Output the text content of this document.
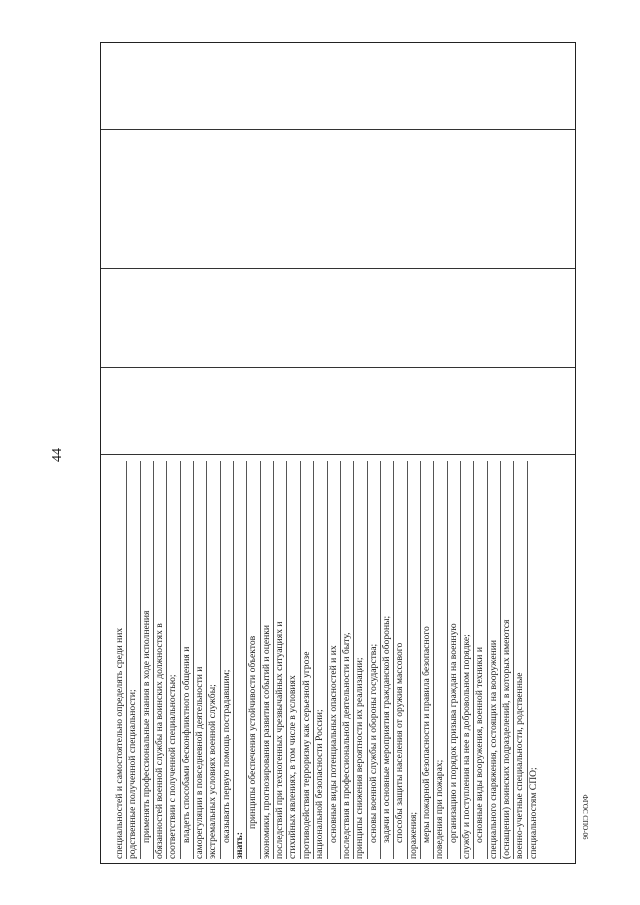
44
специальностей и самостоятельно определять среди них родственные полученной специальности; применять профессиональные знания в ходе исполнения обязанностей военной службы на воинских должностях в соответствии с полученной специальностью; владеть способами бесконфликтного общения и саморегуляции в повседневной деятельности и экстремальных условиях военной службы; оказывать первую помощь пострадавшим;
знать:
принципы обеспечения устойчивости объектов экономики, прогнозирования развития событий и оценки последствий при техногенных чрезвычайных ситуациях и стихийных явлениях, в том числе в условиях противодействия терроризму как серьезной угрозе национальной безопасности России; основные виды потенциальных опасностей и их последствия в профессиональной деятельности и быту, принципы снижения вероятности их реализации; основы военной службы и обороны государства; задачи и основные мероприятия гражданской обороны; способы защиты населения от оружия массового поражения; меры пожарной безопасности и правила безопасного поведения при пожарах; организацию и порядок призыва граждан на военную службу и поступления на нее в добровольном порядке; основные виды вооружения, военной техники и специального снаряжения, состоящих на вооружении (оснащении) воинских подразделений, в которых имеются военно-учетные специальности, родственные специальностям СПО;	ФГОС СПО-06
